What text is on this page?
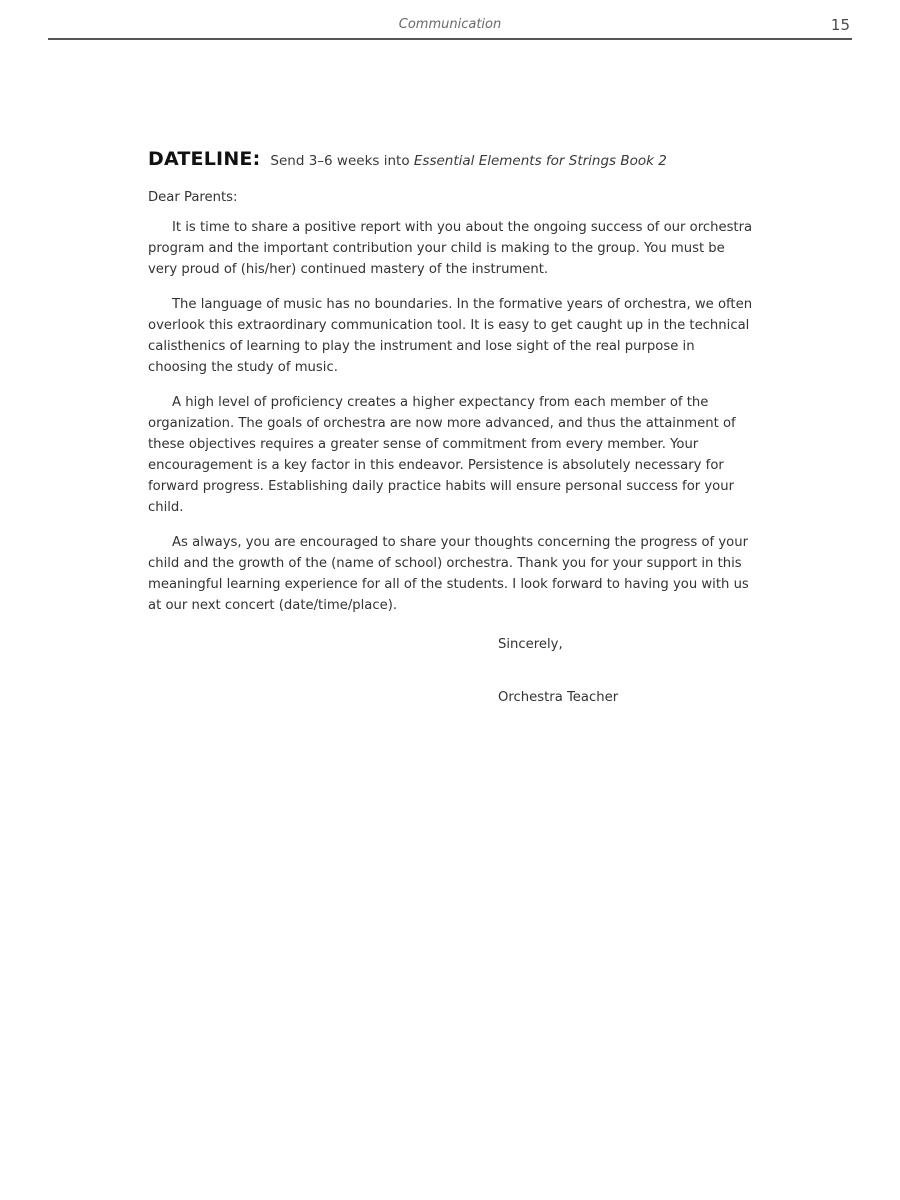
Communication	15

DATELINE: Send 3–6 weeks into Essential Elements for Strings Book 2

Dear Parents:

It is time to share a positive report with you about the ongoing success of our orchestra program and the important contribution your child is making to the group. You must be very proud of (his/her) continued mastery of the instrument.

The language of music has no boundaries. In the formative years of orchestra, we often overlook this extraordinary communication tool. It is easy to get caught up in the technical calisthenics of learning to play the instrument and lose sight of the real purpose in choosing the study of music.

A high level of proficiency creates a higher expectancy from each member of the organization. The goals of orchestra are now more advanced, and thus the attainment of these objectives requires a greater sense of commitment from every member. Your encouragement is a key factor in this endeavor. Persistence is absolutely necessary for forward progress. Establishing daily practice habits will ensure personal success for your child.

As always, you are encouraged to share your thoughts concerning the progress of your child and the growth of the (name of school) orchestra. Thank you for your support in this meaningful learning experience for all of the students. I look forward to having you with us at our next concert (date/time/place).

Sincerely,

Orchestra Teacher
